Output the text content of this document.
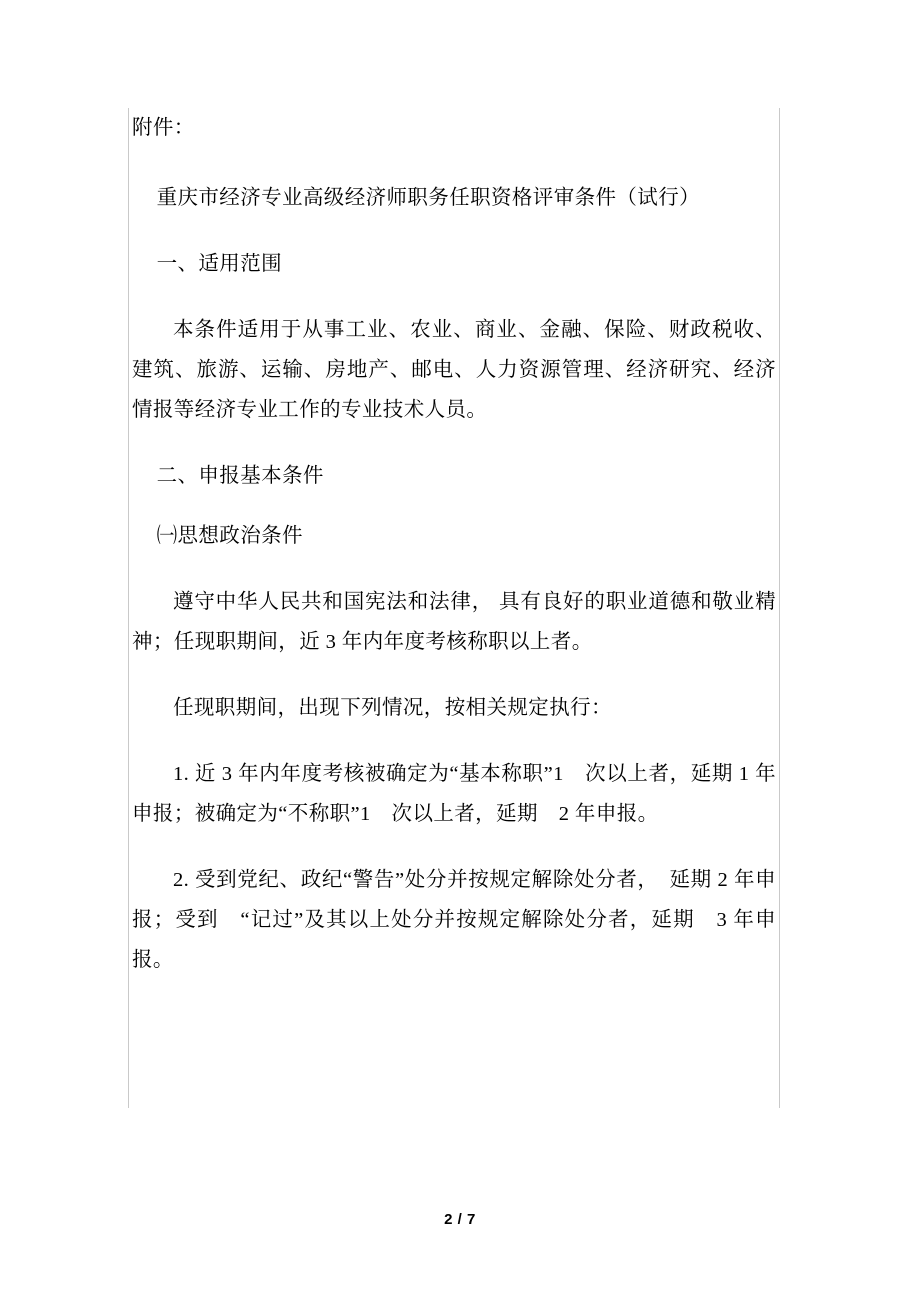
附件：

重庆市经济专业高级经济师职务任职资格评审条件（试行）

一、适用范围

本条件适用于从事工业、农业、商业、金融、保险、财政税收、建筑、旅游、运输、房地产、邮电、人力资源管理、经济研究、经济情报等经济专业工作的专业技术人员。

二、申报基本条件

㈠思想政治条件

遵守中华人民共和国宪法和法律， 具有良好的职业道德和敬业精神；任现职期间，近 3 年内年度考核称职以上者。

任现职期间，出现下列情况，按相关规定执行：

1. 近 3 年内年度考核被确定为“基本称职”1　次以上者，延期 1 年申报；被确定为“不称职”1　次以上者，延期　2 年申报。

2. 受到党纪、政纪“警告”处分并按规定解除处分者，　延期 2 年申报；受到　“记过”及其以上处分并按规定解除处分者，延期　3 年申报。

2 / 7
